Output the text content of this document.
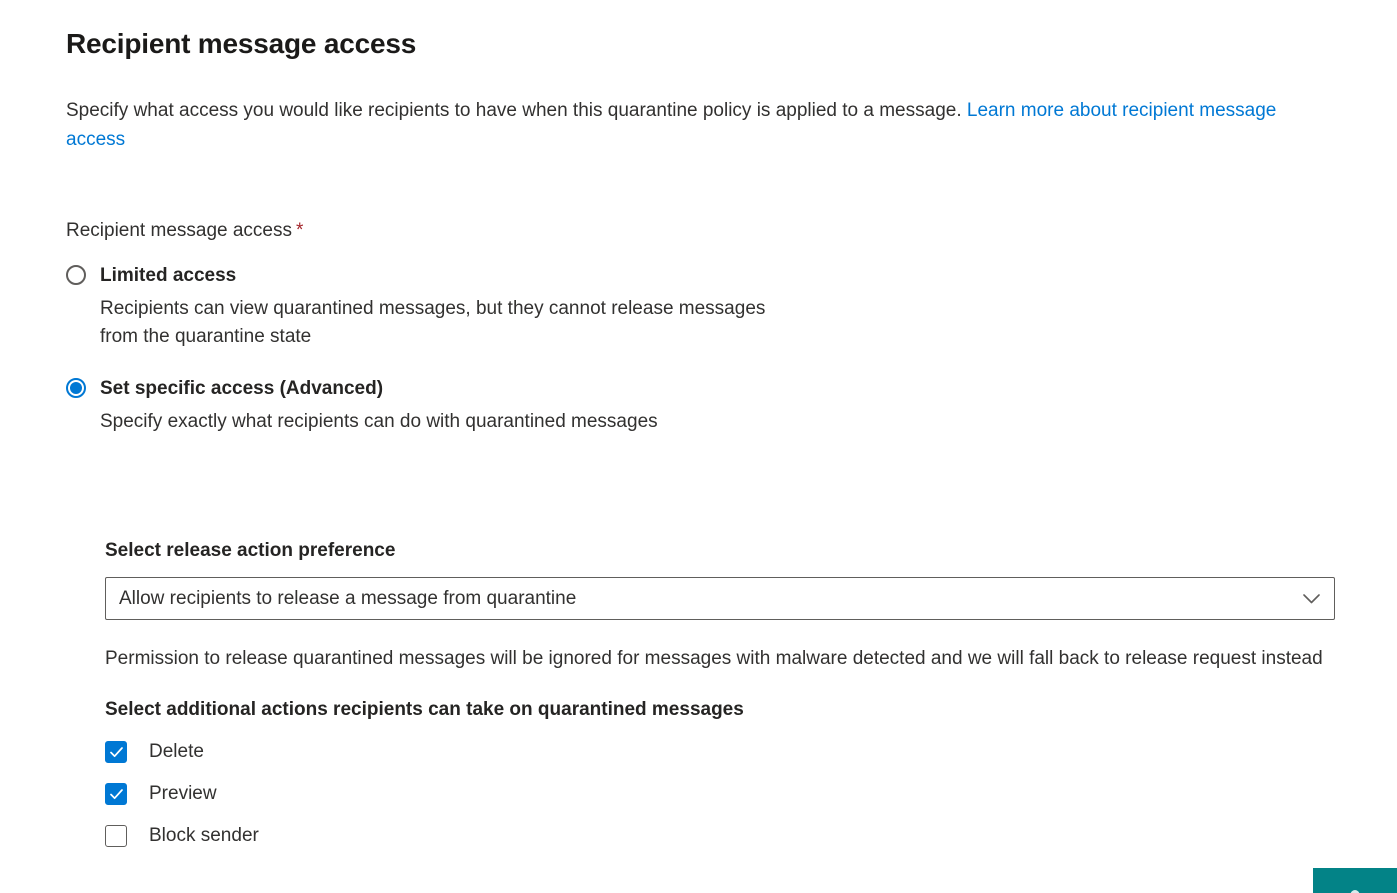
Recipient message access

Specify what access you would like recipients to have when this quarantine policy is applied to a message. Learn more about recipient message access

Recipient message access *
Limited access
Recipients can view quarantined messages, but they cannot release messages
from the quarantine state
Set specific access (Advanced)
Specify exactly what recipients can do with quarantined messages
Select release action preference
Allow recipients to release a message from quarantine
Permission to release quarantined messages will be ignored for messages with malware detected and we will fall back to release request instead
Select additional actions recipients can take on quarantined messages
Delete
Preview
Block sender
